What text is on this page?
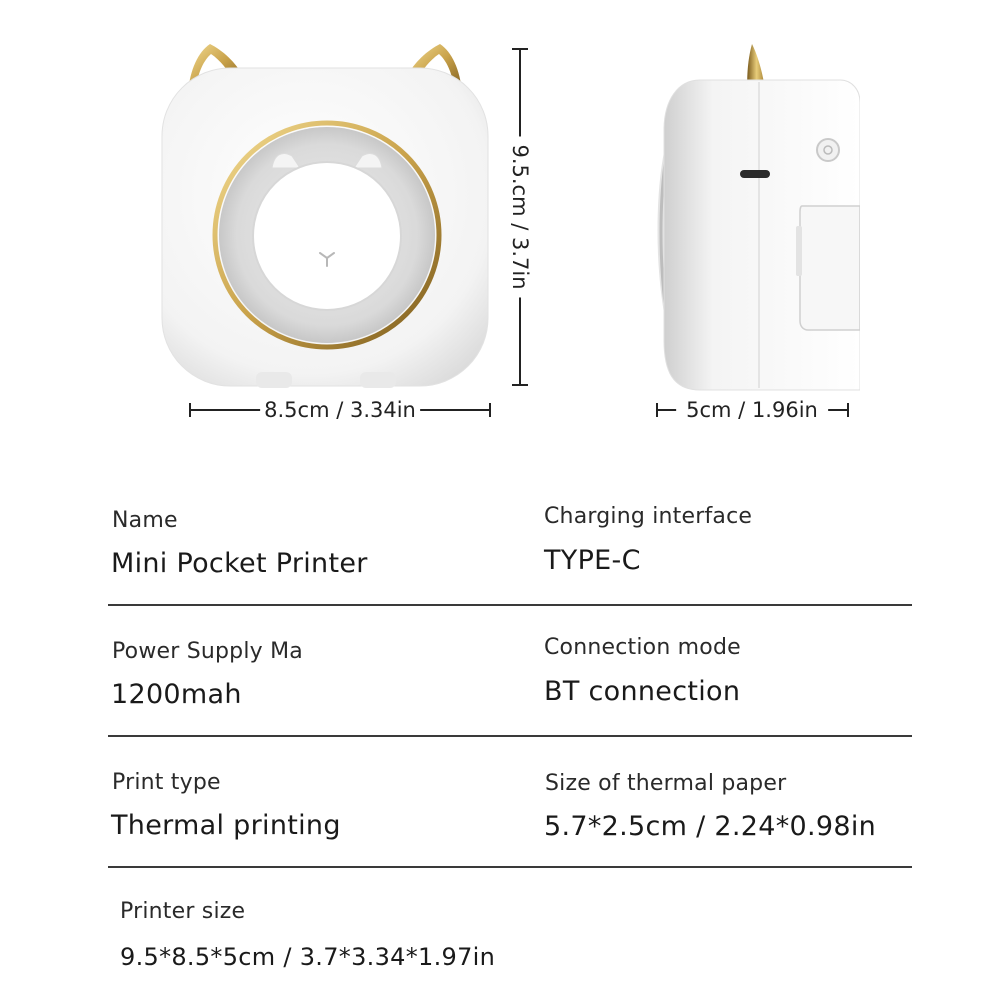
9.5.cm / 3.7in
8.5cm / 3.34in	5cm / 1.96in
Name
Mini Pocket Printer
Charging interface
TYPE-C
Power Supply Ma
1200mah
Connection mode
BT connection
Print type
Thermal printing
Size of thermal paper
5.7*2.5cm / 2.24*0.98in
Printer size
9.5*8.5*5cm / 3.7*3.34*1.97in
